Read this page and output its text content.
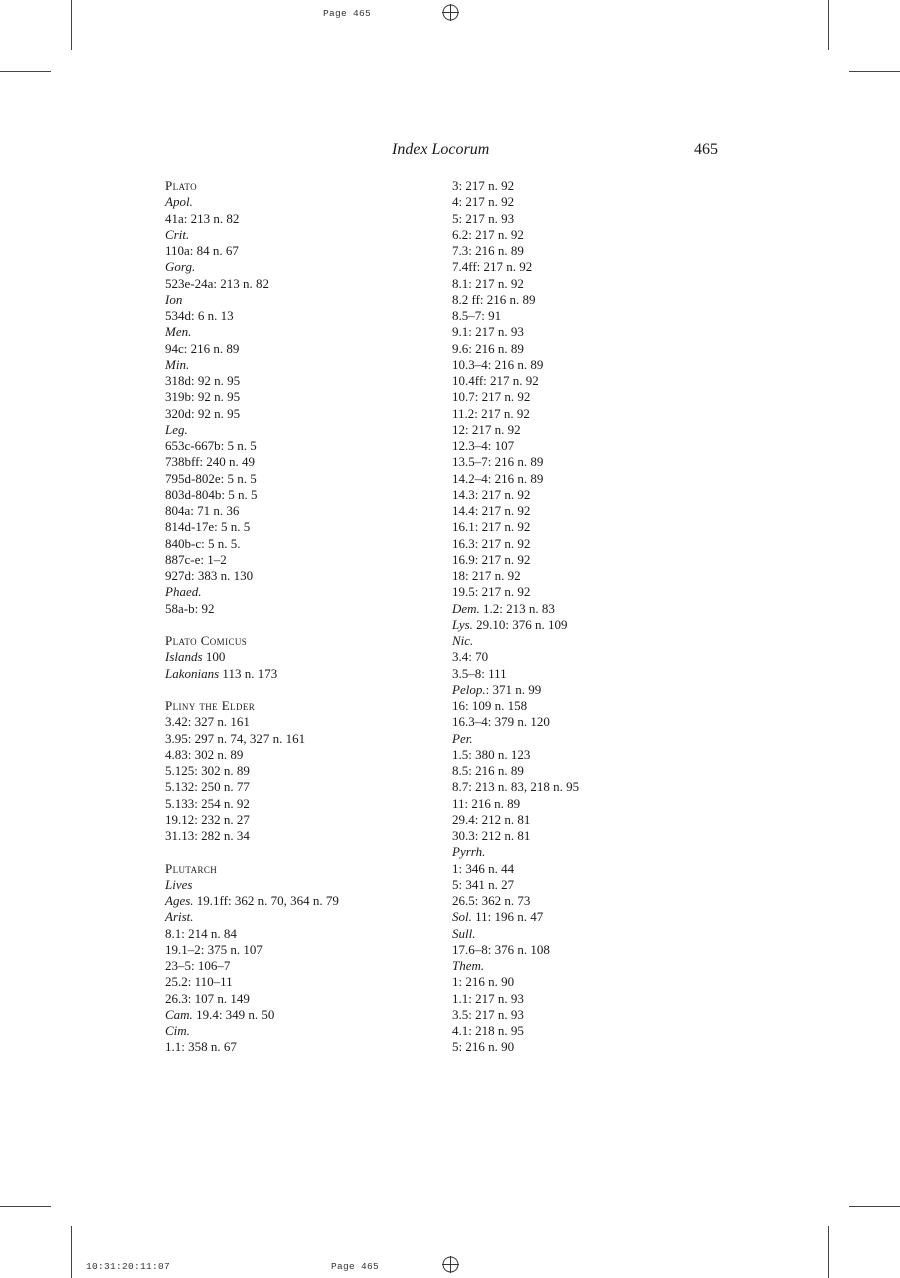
Page 465
Index Locorum	465
Plato
Apol.
41a: 213 n. 82
Crit.
110a: 84 n. 67
Gorg.
523e-24a: 213 n. 82
Ion
534d: 6 n. 13
Men.
94c: 216 n. 89
Min.
318d: 92 n. 95
319b: 92 n. 95
320d: 92 n. 95
Leg.
653c-667b: 5 n. 5
738bff: 240 n. 49
795d-802e: 5 n. 5
803d-804b: 5 n. 5
804a: 71 n. 36
814d-17e: 5 n. 5
840b-c: 5 n. 5.
887c-e: 1–2
927d: 383 n. 130
Phaed.
58a-b: 92
Plato Comicus
Islands 100
Lakonians 113 n. 173
Pliny the Elder
3.42: 327 n. 161
3.95: 297 n. 74, 327 n. 161
4.83: 302 n. 89
5.125: 302 n. 89
5.132: 250 n. 77
5.133: 254 n. 92
19.12: 232 n. 27
31.13: 282 n. 34
Plutarch
Lives
Ages. 19.1ff: 362 n. 70, 364 n. 79
Arist.
8.1: 214 n. 84
19.1–2: 375 n. 107
23–5: 106–7
25.2: 110–11
26.3: 107 n. 149
Cam. 19.4: 349 n. 50
Cim.
1.1: 358 n. 67
3: 217 n. 92
4: 217 n. 92
5: 217 n. 93
6.2: 217 n. 92
7.3: 216 n. 89
7.4ff: 217 n. 92
8.1: 217 n. 92
8.2 ff: 216 n. 89
8.5–7: 91
9.1: 217 n. 93
9.6: 216 n. 89
10.3–4: 216 n. 89
10.4ff: 217 n. 92
10.7: 217 n. 92
11.2: 217 n. 92
12: 217 n. 92
12.3–4: 107
13.5–7: 216 n. 89
14.2–4: 216 n. 89
14.3: 217 n. 92
14.4: 217 n. 92
16.1: 217 n. 92
16.3: 217 n. 92
16.9: 217 n. 92
18: 217 n. 92
19.5: 217 n. 92
Dem. 1.2: 213 n. 83
Lys. 29.10: 376 n. 109
Nic.
3.4: 70
3.5–8: 111
Pelop.: 371 n. 99
16: 109 n. 158
16.3–4: 379 n. 120
Per.
1.5: 380 n. 123
8.5: 216 n. 89
8.7: 213 n. 83, 218 n. 95
11: 216 n. 89
29.4: 212 n. 81
30.3: 212 n. 81
Pyrrh.
1: 346 n. 44
5: 341 n. 27
26.5: 362 n. 73
Sol. 11: 196 n. 47
Sull.
17.6–8: 376 n. 108
Them.
1: 216 n. 90
1.1: 217 n. 93
3.5: 217 n. 93
4.1: 218 n. 95
5: 216 n. 90
10:31:20:11:07	Page 465
